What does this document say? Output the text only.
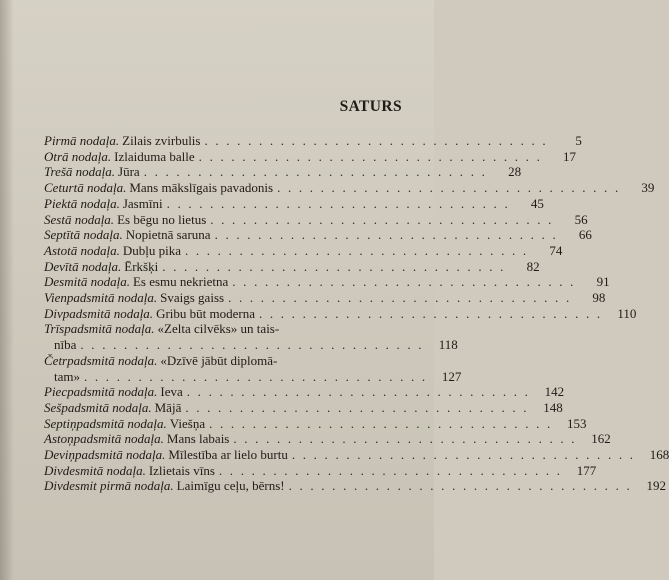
SATURS
Pirmā nodaļa. Zilais zvirbulis . . . . . . . . . . . . . . . . . . . . . . . . . . . . . . . .	5
Otrā nodaļa. Izlaiduma balle . . . . . . . . . . . . . . . . . . . . . . . . . . . . . . . .	17
Trešā nodaļa. Jūra . . . . . . . . . . . . . . . . . . . . . . . . . . . . . . . .	28
Ceturtā nodaļa. Mans mākslīgais pavadonis . . . . . . . . . . . . . . . . . . . . . . . . . . . . . . . .	39
Piektā nodaļa. Jasmīni . . . . . . . . . . . . . . . . . . . . . . . . . . . . . . . .	45
Sestā nodaļa. Es bēgu no lietus . . . . . . . . . . . . . . . . . . . . . . . . . . . . . . . .	56
Septītā nodaļa. Nopietnā saruna . . . . . . . . . . . . . . . . . . . . . . . . . . . . . . . .	66
Astotā nodaļa. Dubļu pika . . . . . . . . . . . . . . . . . . . . . . . . . . . . . . . .	74
Devītā nodaļa. Ērkšķi . . . . . . . . . . . . . . . . . . . . . . . . . . . . . . . .	82
Desmitā nodaļa. Es esmu nekrietna . . . . . . . . . . . . . . . . . . . . . . . . . . . . . . . .	91
Vienpadsmitā nodaļa. Svaigs gaiss . . . . . . . . . . . . . . . . . . . . . . . . . . . . . . . .	98
Divpadsmitā nodaļa. Gribu būt moderna . . . . . . . . . . . . . . . . . . . . . . . . . . . . . . . .	110
Trīspadsmitā nodaļa. «Zelta cilvēks» un tais-
nība . . . . . . . . . . . . . . . . . . . . . . . . . . . . . . . .	118
Četrpadsmitā nodaļa. «Dzīvē jābūt diplomā-
tam» . . . . . . . . . . . . . . . . . . . . . . . . . . . . . . . .	127
Piecpadsmitā nodaļa. Ieva . . . . . . . . . . . . . . . . . . . . . . . . . . . . . . . .	142
Sešpadsmitā nodaļa. Mājā . . . . . . . . . . . . . . . . . . . . . . . . . . . . . . . .	148
Septiņpadsmitā nodaļa. Viešņa . . . . . . . . . . . . . . . . . . . . . . . . . . . . . . . .	153
Astoņpadsmitā nodaļa. Mans labais . . . . . . . . . . . . . . . . . . . . . . . . . . . . . . . .	162
Deviņpadsmitā nodaļa. Mīlestība ar lielo burtu . . . . . . . . . . . . . . . . . . . . . . . . . . . . . . . .	168
Divdesmitā nodaļa. Izlietais vīns . . . . . . . . . . . . . . . . . . . . . . . . . . . . . . . .	177
Divdesmit pirmā nodaļa. Laimīgu ceļu, bērns! . . . . . . . . . . . . . . . . . . . . . . . . . . . . . . . .	192
